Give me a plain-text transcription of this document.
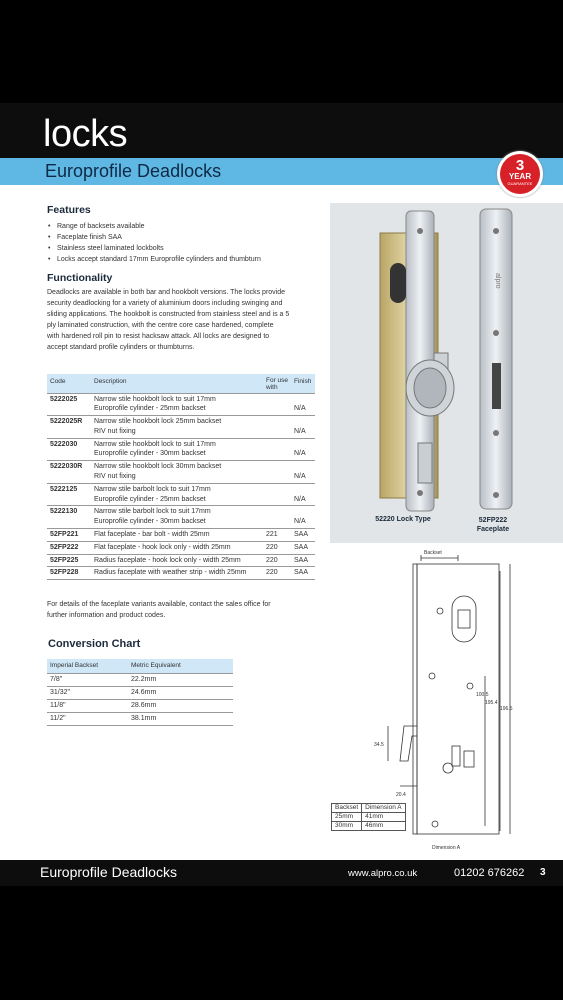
locks
Europrofile Deadlocks	3
YEAR
GUARANTEE
Features
• Range of backsets available
• Faceplate finish SAA
• Stainless steel laminated lockbolts
• Locks accept standard 17mm Europrofile cylinders and thumbturn
Functionality
Deadlocks are available in both bar and hookbolt versions. The locks provide
security deadlocking for a variety of aluminium doors including swinging and
sliding applications. The hookbolt is constructed from stainless steel and is a 5
ply laminated construction, with the centre core case hardened, complete
with hardened roll pin to resist hacksaw attack. All locks are designed to
accept standard profile cylinders or thumbturns.
Code	Description	For use with	Finish
5222025	Narrow stile hookbolt lock to suit 17mm
Europrofile cylinder - 25mm backset		N/A
5222025R	Narrow stile hookbolt lock 25mm backset
RIV nut fixing		N/A
5222030	Narrow stile hookbolt lock to suit 17mm
Europrofile cylinder - 30mm backset		N/A
5222030R	Narrow stile hookbolt lock 30mm backset
RIV nut fixing		N/A
5222125	Narrow stile barbolt lock to suit 17mm
Europrofile cylinder - 25mm backset		N/A
5222130	Narrow stile barbolt lock to suit 17mm
Europrofile cylinder - 30mm backset		N/A
52FP221	Flat faceplate - bar bolt - width 25mm	221	SAA
52FP222	Flat faceplate - hook lock only - width 25mm	220	SAA
52FP225	Radius faceplate - hook lock only - width 25mm	220	SAA
52FP228	Radius faceplate with weather strip - width 25mm	220	SAA
For details of the faceplate variants available, contact the sales office for
further information and product codes.
Conversion Chart
Imperial Backset	Metric Equivalent
7/8"	22.2mm
31/32"	24.6mm
11/8"	28.6mm
11/2"	38.1mm
alpro
52220 Lock Type	52FP222
Faceplate
Backset
100.5
195.4
196.5
34.5
20.4
Dimension A
Backset	Dimension A
25mm	41mm
30mm	46mm
Europrofile Deadlocks	www.alpro.co.uk	01202 676262 3
